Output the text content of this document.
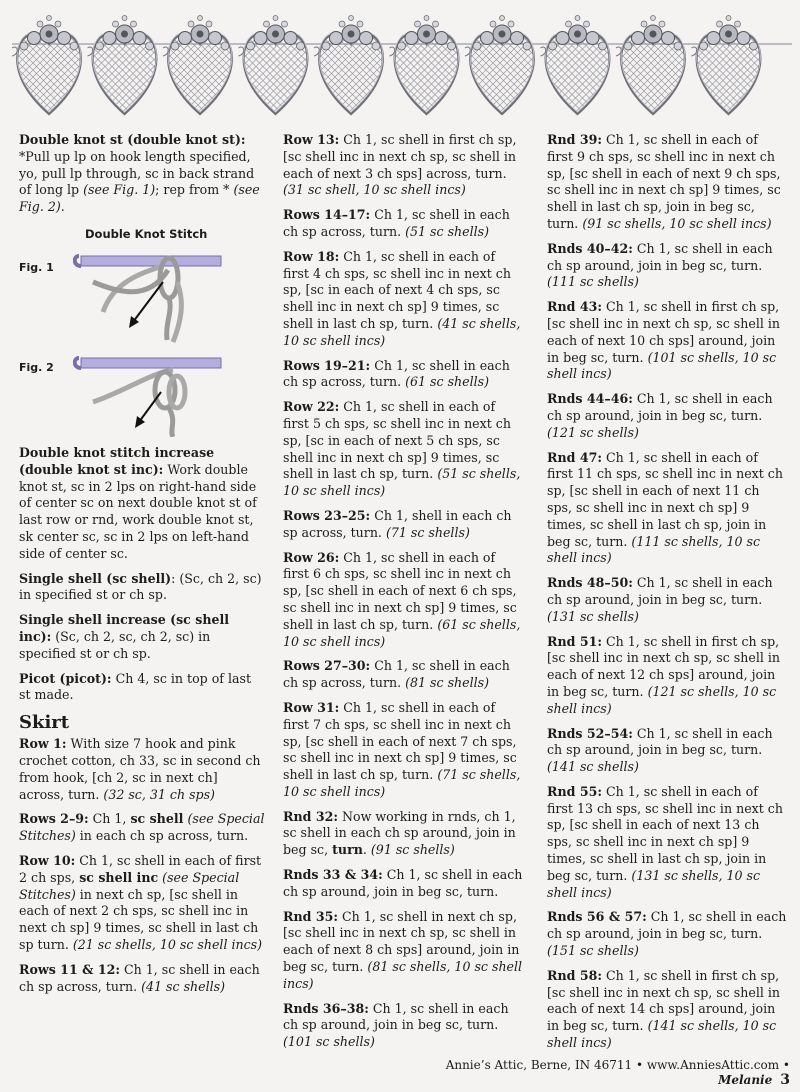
Double knot st (double knot st): *Pull up lp on hook length specified, yo, pull lp through, sc in back strand of long lp (see Fig. 1); rep from * (see Fig. 2).
Double Knot Stitch
Fig. 1
Fig. 2
Double knot stitch increase (double knot st inc): Work double knot st, sc in 2 lps on right-hand side of center sc on next double knot st of last row or rnd, work double knot st, sk center sc, sc in 2 lps on left-hand side of center sc.
Single shell (sc shell): (Sc, ch 2, sc) in specified st or ch sp.
Single shell increase (sc shell inc): (Sc, ch 2, sc, ch 2, sc) in specified st or ch sp.
Picot (picot): Ch 4, sc in top of last st made.
Skirt
Row 1: With size 7 hook and pink crochet cotton, ch 33, sc in second ch from hook, [ch 2, sc in next ch] across, turn. (32 sc, 31 ch sps)
Rows 2–9: Ch 1, sc shell (see Special Stitches) in each ch sp across, turn.
Row 10: Ch 1, sc shell in each of first 2 ch sps, sc shell inc (see Special Stitches) in next ch sp, [sc shell in each of next 2 ch sps, sc shell inc in next ch sp] 9 times, sc shell in last ch sp turn. (21 sc shells, 10 sc shell incs)
Rows 11 & 12: Ch 1, sc shell in each ch sp across, turn. (41 sc shells)
Row 13: Ch 1, sc shell in first ch sp, [sc shell inc in next ch sp, sc shell in each of next 3 ch sps] across, turn. (31 sc shell, 10 sc shell incs)
Rows 14–17: Ch 1, sc shell in each ch sp across, turn. (51 sc shells)
Row 18: Ch 1, sc shell in each of first 4 ch sps, sc shell inc in next ch sp, [sc in each of next 4 ch sps, sc shell inc in next ch sp] 9 times, sc shell in last ch sp, turn. (41 sc shells, 10 sc shell incs)
Rows 19–21: Ch 1, sc shell in each ch sp across, turn. (61 sc shells)
Row 22: Ch 1, sc shell in each of first 5 ch sps, sc shell inc in next ch sp, [sc in each of next 5 ch sps, sc shell inc in next ch sp] 9 times, sc shell in last ch sp, turn. (51 sc shells, 10 sc shell incs)
Rows 23–25: Ch 1, shell in each ch sp across, turn. (71 sc shells)
Row 26: Ch 1, sc shell in each of first 6 ch sps, sc shell inc in next ch sp, [sc shell in each of next 6 ch sps, sc shell inc in next ch sp] 9 times, sc shell in last ch sp, turn. (61 sc shells, 10 sc shell incs)
Rows 27–30: Ch 1, sc shell in each ch sp across, turn. (81 sc shells)
Row 31: Ch 1, sc shell in each of first 7 ch sps, sc shell inc in next ch sp, [sc shell in each of next 7 ch sps, sc shell inc in next ch sp] 9 times, sc shell in last ch sp, turn. (71 sc shells, 10 sc shell incs)
Rnd 32: Now working in rnds, ch 1, sc shell in each ch sp around, join in beg sc, turn. (91 sc shells)
Rnds 33 & 34: Ch 1, sc shell in each ch sp around, join in beg sc, turn.
Rnd 35: Ch 1, sc shell in next ch sp, [sc shell inc in next ch sp, sc shell in each of next 8 ch sps] around, join in beg sc, turn. (81 sc shells, 10 sc shell incs)
Rnds 36–38: Ch 1, sc shell in each ch sp around, join in beg sc, turn. (101 sc shells)
Rnd 39: Ch 1, sc shell in each of first 9 ch sps, sc shell inc in next ch sp, [sc shell in each of next 9 ch sps, sc shell inc in next ch sp] 9 times, sc shell in last ch sp, join in beg sc, turn. (91 sc shells, 10 sc shell incs)
Rnds 40–42: Ch 1, sc shell in each ch sp around, join in beg sc, turn. (111 sc shells)
Rnd 43: Ch 1, sc shell in first ch sp, [sc shell inc in next ch sp, sc shell in each of next 10 ch sps] around, join in beg sc, turn. (101 sc shells, 10 sc shell incs)
Rnds 44–46: Ch 1, sc shell in each ch sp around, join in beg sc, turn. (121 sc shells)
Rnd 47: Ch 1, sc shell in each of first 11 ch sps, sc shell inc in next ch sp, [sc shell in each of next 11 ch sps, sc shell inc in next ch sp] 9 times, sc shell in last ch sp, join in beg sc, turn. (111 sc shells, 10 sc shell incs)
Rnds 48–50: Ch 1, sc shell in each ch sp around, join in beg sc, turn. (131 sc shells)
Rnd 51: Ch 1, sc shell in first ch sp, [sc shell inc in next ch sp, sc shell in each of next 12 ch sps] around, join in beg sc, turn. (121 sc shells, 10 sc shell incs)
Rnds 52–54: Ch 1, sc shell in each ch sp around, join in beg sc, turn. (141 sc shells)
Rnd 55: Ch 1, sc shell in each of first 13 ch sps, sc shell inc in next ch sp, [sc shell in each of next 13 ch sps, sc shell inc in next ch sp] 9 times, sc shell in last ch sp, join in beg sc, turn. (131 sc shells, 10 sc shell incs)
Rnds 56 & 57: Ch 1, sc shell in each ch sp around, join in beg sc, turn. (151 sc shells)
Rnd 58: Ch 1, sc shell in first ch sp, [sc shell inc in next ch sp, sc shell in each of next 14 ch sps] around, join in beg sc, turn. (141 sc shells, 10 sc shell incs)
Annie’s Attic, Berne, IN 46711 • www.AnniesAttic.com • Melanie 3
